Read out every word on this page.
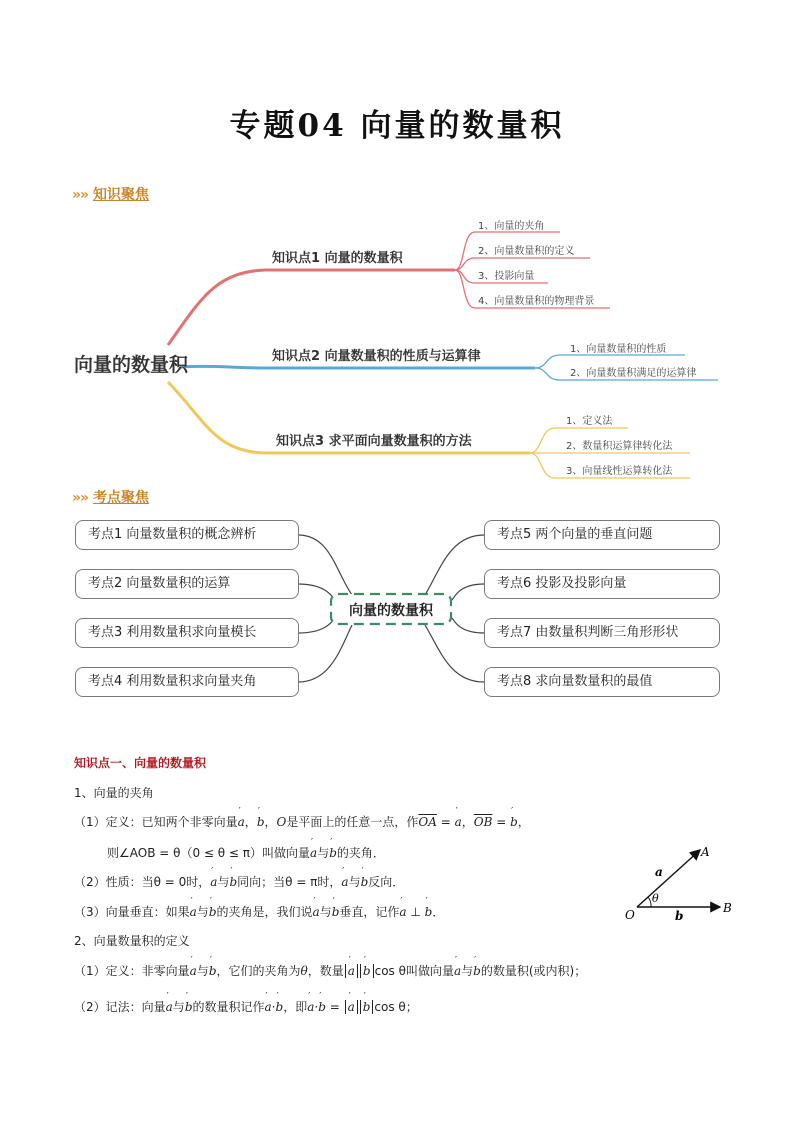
专题04 向量的数量积
» » 知识聚焦
向量的数量积
知识点1 向量的数量积
知识点2 向量数量积的性质与运算律
知识点3 求平面向量数量积的方法
1、向量的夹角
2、向量数量积的定义
3、投影向量
4、向量数量积的物理背景
1、向量数量积的性质
2、向量数量积满足的运算律
1、定义法
2、数量积运算律转化法
3、向量线性运算转化法
» » 考点聚焦
向量的数量积
考点1 向量数量积的概念辨析
考点2 向量数量积的运算
考点3 利用数量积求向量模长
考点4 利用数量积求向量夹角
考点5 两个向量的垂直问题
考点6 投影及投影向量
考点7 由数量积判断三角形形状
考点8 求向量数量积的最值
知识点一、向量的数量积
1、向量的夹角
（1）定义：已知两个非零向量′ a，′ b，O是平面上的任意一点，作$\overline{OA}$ = ′ a，$\overline{OB}$ = ′ b，
则∠AOB = θ（0 ≤ θ ≤ π）叫做向量′ a与′ b的夹角．
（2）性质：当θ = 0时，′ a与′ b同向；当θ = π时，′ a与′ b反向．
（3）向量垂直：如果′ a与′ b的夹角是，我们说′ a与′ b垂直，记作′ a ⊥ ′ b．
2、向量数量积的定义
（1）定义：非零向量′ a与′ b，它们的夹角为θ，数量 ′ a ′ b cos θ叫做向量′ a与′ b的数量积(或内积)；
（2）记法：向量′ a与′ b的数量积记作′ a·′ b，即′ a·′ b = ′ a ′ b cos θ；
O
A
B
a
b
θ
